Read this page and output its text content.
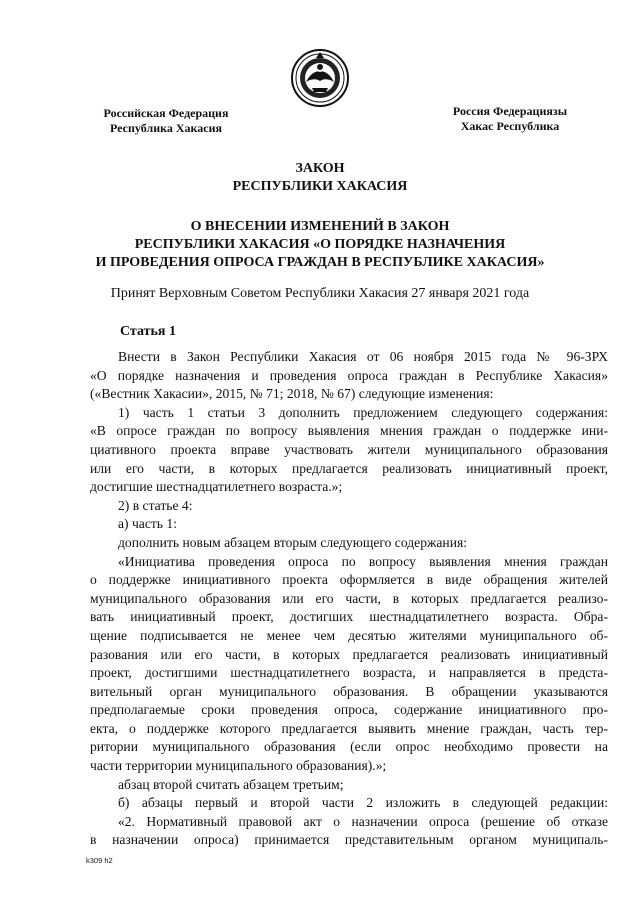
Российская Федерация
Республика Хакасия
Россия Федерациязы
Хакас Республика
ЗАКОН
РЕСПУБЛИКИ ХАКАСИЯ
О ВНЕСЕНИИ ИЗМЕНЕНИЙ В ЗАКОН
РЕСПУБЛИКИ ХАКАСИЯ «О ПОРЯДКЕ НАЗНАЧЕНИЯ
И ПРОВЕДЕНИЯ ОПРОСА ГРАЖДАН В РЕСПУБЛИКЕ ХАКАСИЯ»
Принят Верховным Советом Республики Хакасия 27 января 2021 года
Статья 1

Внести в Закон Республики Хакасия от 06 ноября 2015 года № 96-ЗРХ

«О порядке назначения и проведения опроса граждан в Республике Хакасия»

(«Вестник Хакасии», 2015, № 71; 2018, № 67) следующие изменения:

1) часть 1 статьи 3 дополнить предложением следующего содержания:

«В опросе граждан по вопросу выявления мнения граждан о поддержке ини-

циативного проекта вправе участвовать жители муниципального образования

или его части, в которых предлагается реализовать инициативный проект,

достигшие шестнадцатилетнего возраста.»;

2) в статье 4:

а) часть 1:

дополнить новым абзацем вторым следующего содержания:

«Инициатива проведения опроса по вопросу выявления мнения граждан

о поддержке инициативного проекта оформляется в виде обращения жителей

муниципального образования или его части, в которых предлагается реализо-

вать инициативный проект, достигших шестнадцатилетнего возраста. Обра-

щение подписывается не менее чем десятью жителями муниципального об-

разования или его части, в которых предлагается реализовать инициативный

проект, достигшими шестнадцатилетнего возраста, и направляется в предста-

вительный орган муниципального образования. В обращении указываются

предполагаемые сроки проведения опроса, содержание инициативного про-

екта, о поддержке которого предлагается выявить мнение граждан, часть тер-

ритории муниципального образования (если опрос необходимо провести на

части территории муниципального образования).»;

абзац второй считать абзацем третьим;

б) абзацы первый и второй части 2 изложить в следующей редакции:

«2. Нормативный правовой акт о назначении опроса (решение об отказе

в назначении опроса) принимается представительным органом муниципаль-

k309 h2
